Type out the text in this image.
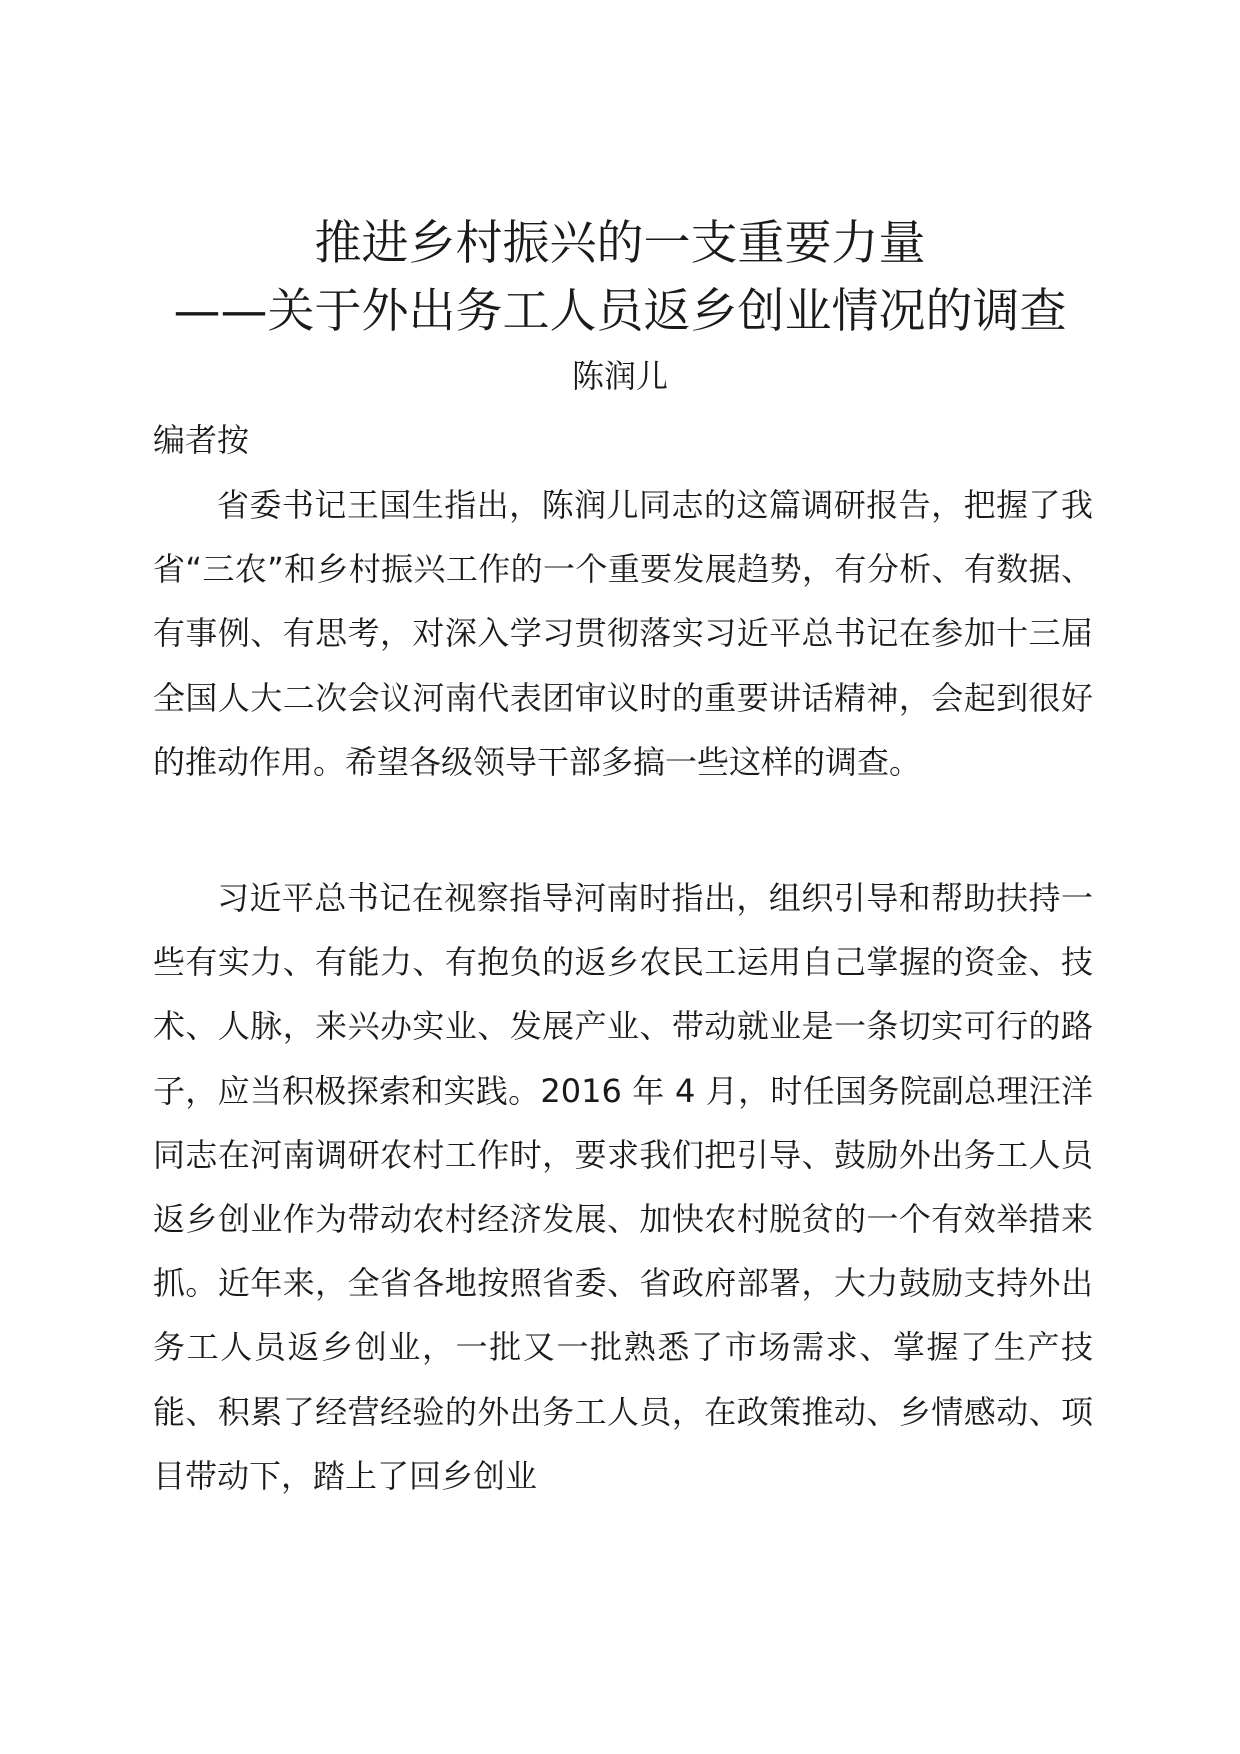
推进乡村振兴的一支重要力量
——关于外出务工人员返乡创业情况的调查
陈润儿
编者按

省委书记王国生指出，陈润儿同志的这篇调研报告，把握了我省“三农”和乡村振兴工作的一个重要发展趋势，有分析、有数据、有事例、有思考，对深入学习贯彻落实习近平总书记在参加十三届全国人大二次会议河南代表团审议时的重要讲话精神，会起到很好的推动作用。希望各级领导干部多搞一些这样的调查。

习近平总书记在视察指导河南时指出，组织引导和帮助扶持一些有实力、有能力、有抱负的返乡农民工运用自己掌握的资金、技术、人脉，来兴办实业、发展产业、带动就业是一条切实可行的路子，应当积极探索和实践。2016 年 4 月，时任国务院副总理汪洋同志在河南调研农村工作时，要求我们把引导、鼓励外出务工人员返乡创业作为带动农村经济发展、加快农村脱贫的一个有效举措来抓。近年来，全省各地按照省委、省政府部署，大力鼓励支持外出务工人员返乡创业，一批又一批熟悉了市场需求、掌握了生产技能、积累了经营经验的外出务工人员，在政策推动、乡情感动、项目带动下，踏上了回乡创业
